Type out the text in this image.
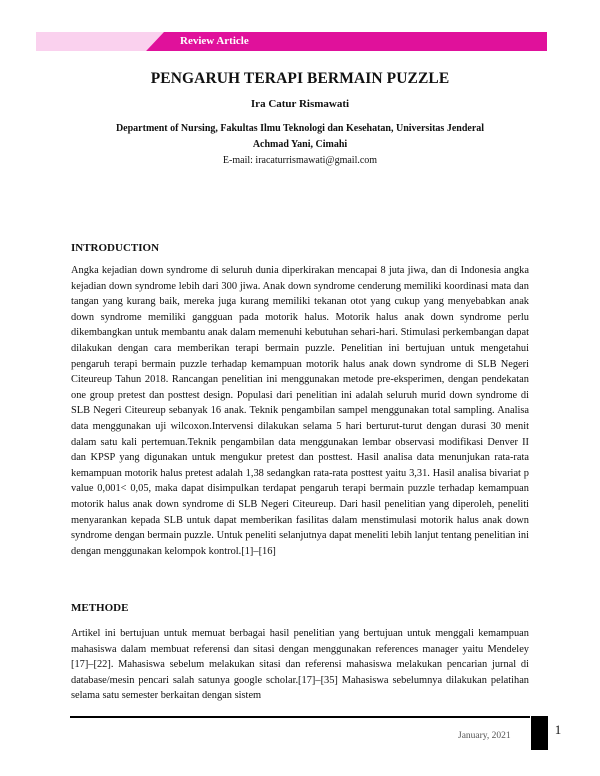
Review Article
PENGARUH TERAPI BERMAIN PUZZLE
Ira Catur Rismawati
Department of Nursing, Fakultas Ilmu Teknologi dan Kesehatan, Universitas Jenderal Achmad Yani, Cimahi
E-mail: iracaturrismawati@gmail.com
INTRODUCTION

Angka kejadian down syndrome di seluruh dunia diperkirakan mencapai 8 juta jiwa, dan di Indonesia angka kejadian down syndrome lebih dari 300 jiwa. Anak down syndrome cenderung memiliki koordinasi mata dan tangan yang kurang baik, mereka juga kurang memiliki tekanan otot yang cukup yang menyebabkan anak down syndrome memiliki gangguan pada motorik halus. Motorik halus anak down syndrome perlu dikembangkan untuk membantu anak dalam memenuhi kebutuhan sehari-hari. Stimulasi perkembangan dapat dilakukan dengan cara memberikan terapi bermain puzzle. Penelitian ini bertujuan untuk mengetahui pengaruh terapi bermain puzzle terhadap kemampuan motorik halus anak down syndrome di SLB Negeri Citeureup Tahun 2018. Rancangan penelitian ini menggunakan metode pre-eksperimen, dengan pendekatan one group pretest dan posttest design. Populasi dari penelitian ini adalah seluruh murid down syndrome di SLB Negeri Citeureup sebanyak 16 anak. Teknik pengambilan sampel menggunakan total sampling. Analisa data menggunakan uji wilcoxon.Intervensi dilakukan selama 5 hari berturut-turut dengan durasi 30 menit dalam satu kali pertemuan.Teknik pengambilan data menggunakan lembar observasi modifikasi Denver II dan KPSP yang digunakan untuk mengukur pretest dan posttest. Hasil analisa data menunjukan rata-rata kemampuan motorik halus pretest adalah 1,38 sedangkan rata-rata posttest yaitu 3,31. Hasil analisa bivariat p value 0,001< 0,05, maka dapat disimpulkan terdapat pengaruh terapi bermain puzzle terhadap kemampuan motorik halus anak down syndrome di SLB Negeri Citeureup. Dari hasil penelitian yang diperoleh, peneliti menyarankan kepada SLB untuk dapat memberikan fasilitas dalam menstimulasi motorik halus anak down syndrome dengan bermain puzzle. Untuk peneliti selanjutnya dapat meneliti lebih lanjut tentang penelitian ini dengan menggunakan kelompok kontrol.[1]–[16]

METHODE

Artikel ini bertujuan untuk memuat berbagai hasil penelitian yang bertujuan untuk menggali kemampuan mahasiswa dalam membuat referensi dan sitasi dengan menggunakan references manager yaitu Mendeley [17]–[22]. Mahasiswa sebelum melakukan sitasi dan referensi mahasiswa melakukan pencarian jurnal di database/mesin pencari salah satunya google scholar.[17]–[35] Mahasiswa sebelumnya dilakukan pelatihan selama satu semester berkaitan dengan sistem

January, 2021	1
